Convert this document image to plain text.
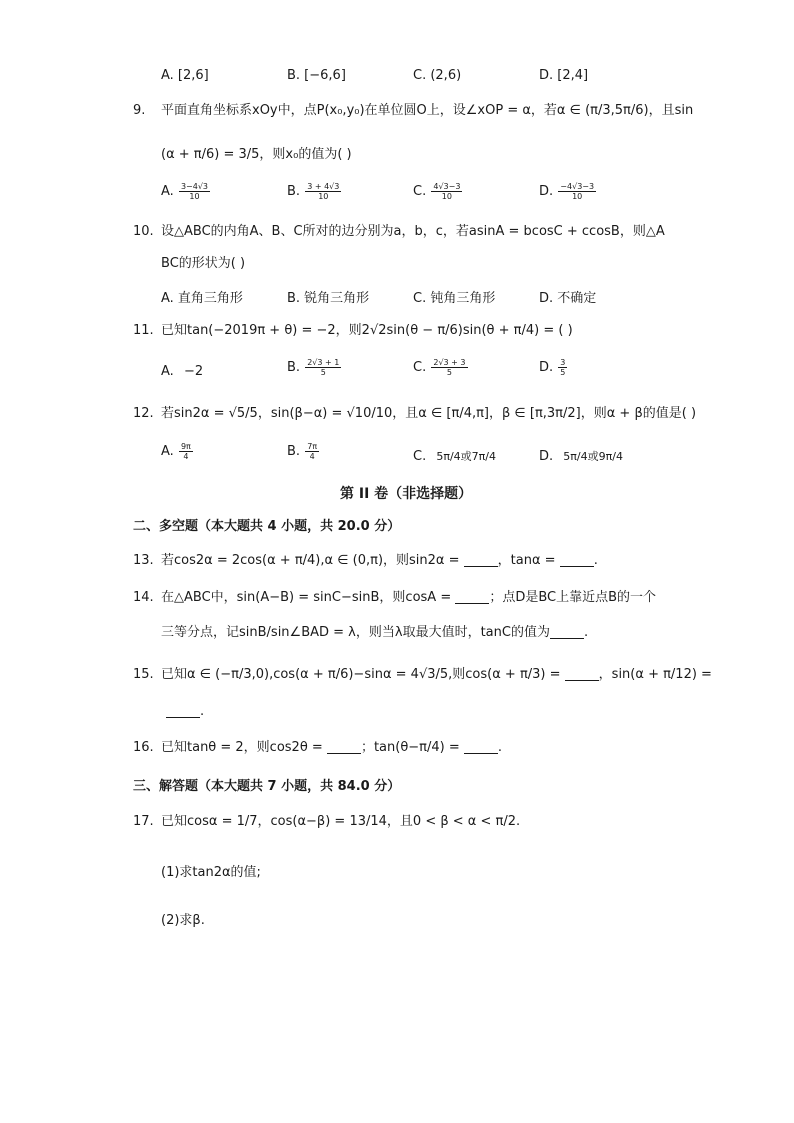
A. [2,6]	B. [−6,6]	C. (2,6)	D. [2,4]
9. 平面直角坐标系xOy中，点P(x₀,y₀)在单位圆O上，设∠xOP = α，若α ∈ (π/3,5π/6)，且sin
(α + π/6) = 3/5，则x₀的值为( )
A. $\frac{3-4√3}{10}$	B. $\frac{3 + 4√3}{10}$	C. $\frac{4√3-3}{10}$	D. $\frac{-4√3-3}{10}$
10. 设△ABC的内角A、B、C所对的边分别为a，b，c，若asinA = bcosC + ccosB，则△A
BC的形状为( )
A. 直角三角形	B. 锐角三角形	C. 钝角三角形	D. 不确定
11. 已知tan(−2019π + θ) = −2，则2√2sin(θ − π/6)sin(θ + π/4) = ( )
A. −2	B. $\frac{2√3 + 1}{5}$	C. $\frac{2√3 + 3}{5}$	D. $\frac{3}{5}$
12. 若sin2α = √5/5，sin(β−α) = √10/10，且α ∈ [π/4,π]，β ∈ [π,3π/2]，则α + β的值是( )
A. $\frac{9\pi}{4}$	B. $\frac{7\pi}{4}$	C. 5π/4或7π/4	D. 5π/4或9π/4
第 II 卷（非选择题）
二、多空题（本大题共 4 小题，共 20.0 分）
13. 若cos2α = 2cos(α + π/4),α ∈ (0,π)，则sin2α =	，tanα =	.
14. 在△ABC中，sin(A−B) = sinC−sinB，则cosA =	；点D是BC上靠近点B的一个
三等分点，记sinB/sin∠BAD = λ，则当λ取最大值时，tanC的值为	.
15. 已知α ∈ (−π/3,0),cos(α + π/6)−sinα = 4√3/5,则cos(α + π/3) =	，sin(α + π/12) =
.
16. 已知tanθ = 2，则cos2θ =	；tan(θ−π/4) =	.
三、解答题（本大题共 7 小题，共 84.0 分）
17. 已知cosα = 1/7，cos(α−β) = 13/14，且0 < β < α < π/2.
(1)求tan2α的值;
(2)求β.
